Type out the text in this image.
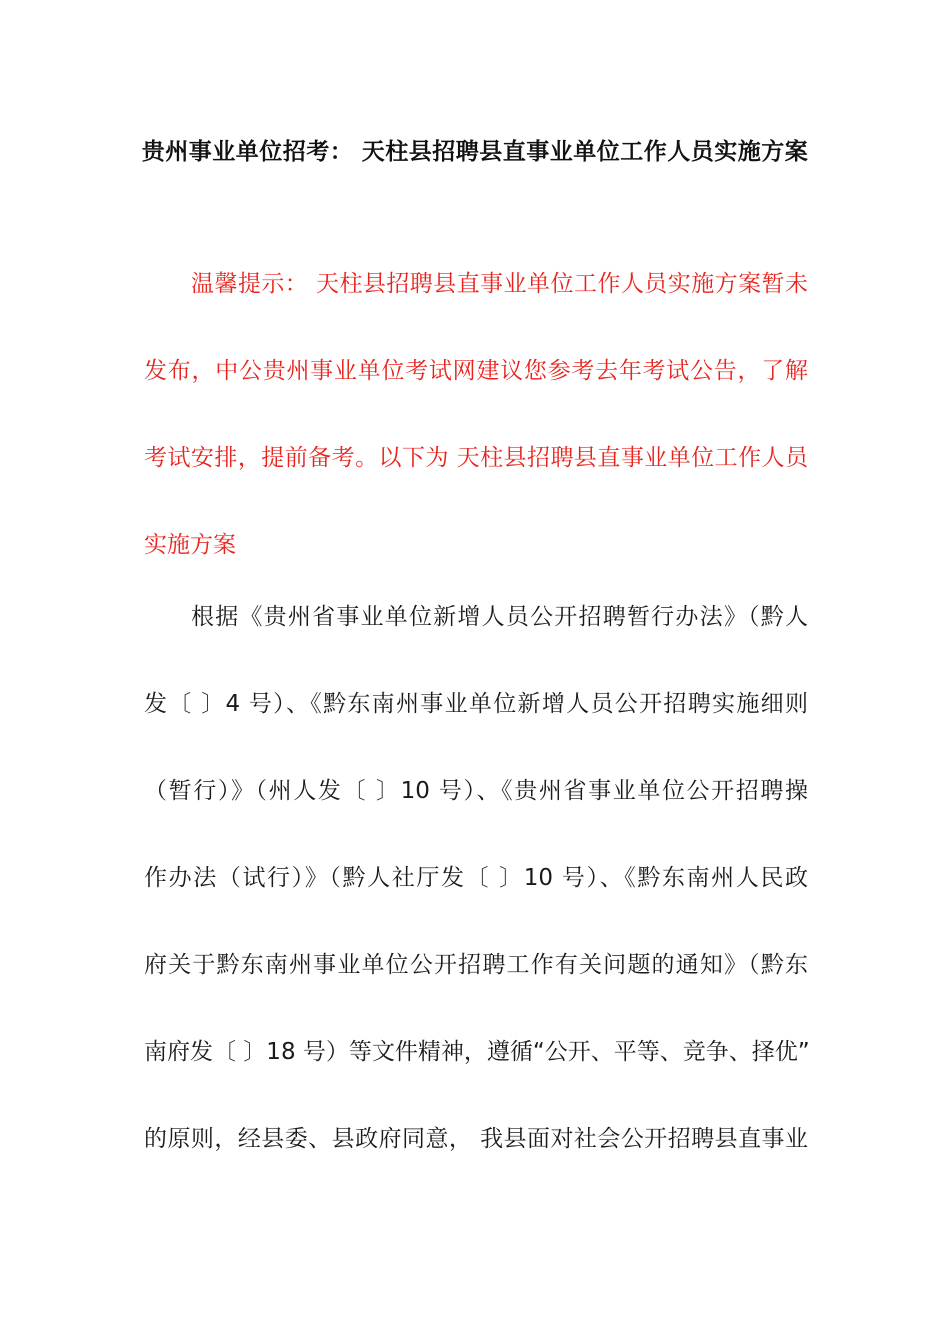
贵州事业单位招考： 天柱县招聘县直事业单位工作人员实施方案

温馨提示： 天柱县招聘县直事业单位工作人员实施方案暂未

发布，中公贵州事业单位考试网建议您参考去年考试公告，了解

考试安排，提前备考。以下为 天柱县招聘县直事业单位工作人员

实施方案

根据《贵州省事业单位新增人员公开招聘暂行办法》（黔人

发〔 〕4 号）、《黔东南州事业单位新增人员公开招聘实施细则

（暂行）》（州人发〔 〕10 号）、《贵州省事业单位公开招聘操

作办法（试行）》（黔人社厅发〔 〕10 号）、《黔东南州人民政

府关于黔东南州事业单位公开招聘工作有关问题的通知》（黔东

南府发〔 〕18 号）等文件精神，遵循“公开、平等、竞争、择优”

的原则，经县委、县政府同意， 我县面对社会公开招聘县直事业
